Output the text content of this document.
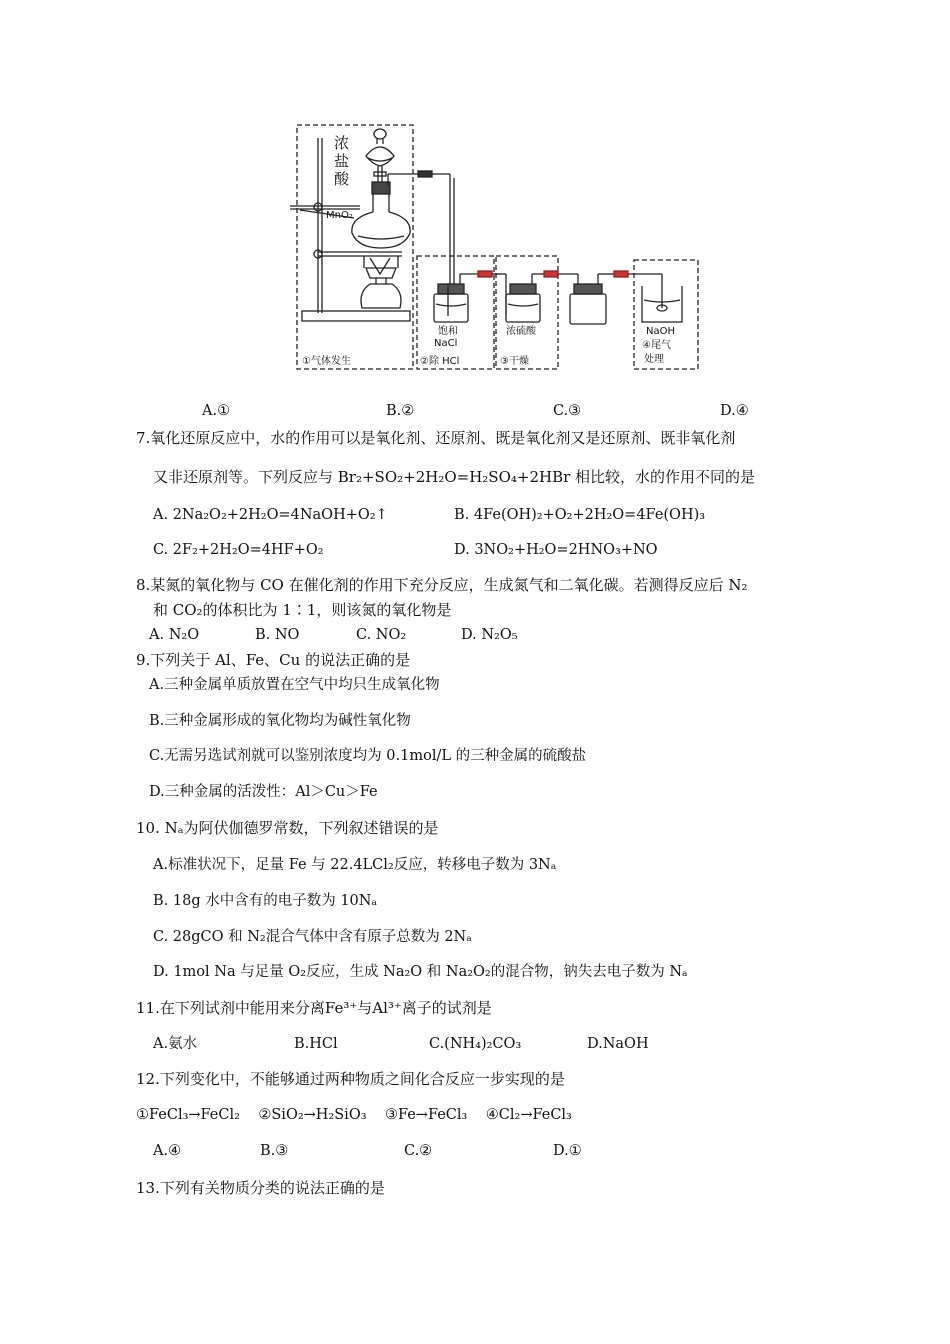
浓
盐
酸
MnO₂
饱和
NaCl
浓硫酸	NaOH
①气体发生	②除 HCl	③干燥
④尾气
处理
A.①	B.②	C.③	D.④
7.氧化还原反应中，水的作用可以是氧化剂、还原剂、既是氧化剂又是还原剂、既非氧化剂
又非还原剂等。下列反应与 Br₂+SO₂+2H₂O=H₂SO₄+2HBr 相比较，水的作用不同的是
A. 2Na₂O₂+2H₂O=4NaOH+O₂↑	B. 4Fe(OH)₂+O₂+2H₂O=4Fe(OH)₃
C. 2F₂+2H₂O=4HF+O₂	D. 3NO₂+H₂O=2HNO₃+NO
8.某氮的氧化物与 CO 在催化剂的作用下充分反应，生成氮气和二氧化碳。若测得反应后 N₂
和 CO₂的体积比为 1∶1，则该氮的氧化物是
A. N₂O	B. NO	C. NO₂	D. N₂O₅
9.下列关于 Al、Fe、Cu 的说法正确的是
A.三种金属单质放置在空气中均只生成氧化物
B.三种金属形成的氧化物均为碱性氧化物
C.无需另选试剂就可以鉴别浓度均为 0.1mol/L 的三种金属的硫酸盐
D.三种金属的活泼性：Al＞Cu＞Fe
10. Nₐ为阿伏伽德罗常数，下列叙述错误的是
A.标准状况下，足量 Fe 与 22.4LCl₂反应，转移电子数为 3Nₐ
B. 18g 水中含有的电子数为 10Nₐ
C. 28gCO 和 N₂混合气体中含有原子总数为 2Nₐ
D. 1mol Na 与足量 O₂反应，生成 Na₂O 和 Na₂O₂的混合物，钠失去电子数为 Nₐ
11.在下列试剂中能用来分离Fe³⁺与Al³⁺离子的试剂是
A.氨水	B.HCl	C.(NH₄)₂CO₃	D.NaOH
12.下列变化中，不能够通过两种物质之间化合反应一步实现的是
①FeCl₃→FeCl₂    ②SiO₂→H₂SiO₃    ③Fe→FeCl₃    ④Cl₂→FeCl₃
A.④	B.③	C.②	D.①
13.下列有关物质分类的说法正确的是
